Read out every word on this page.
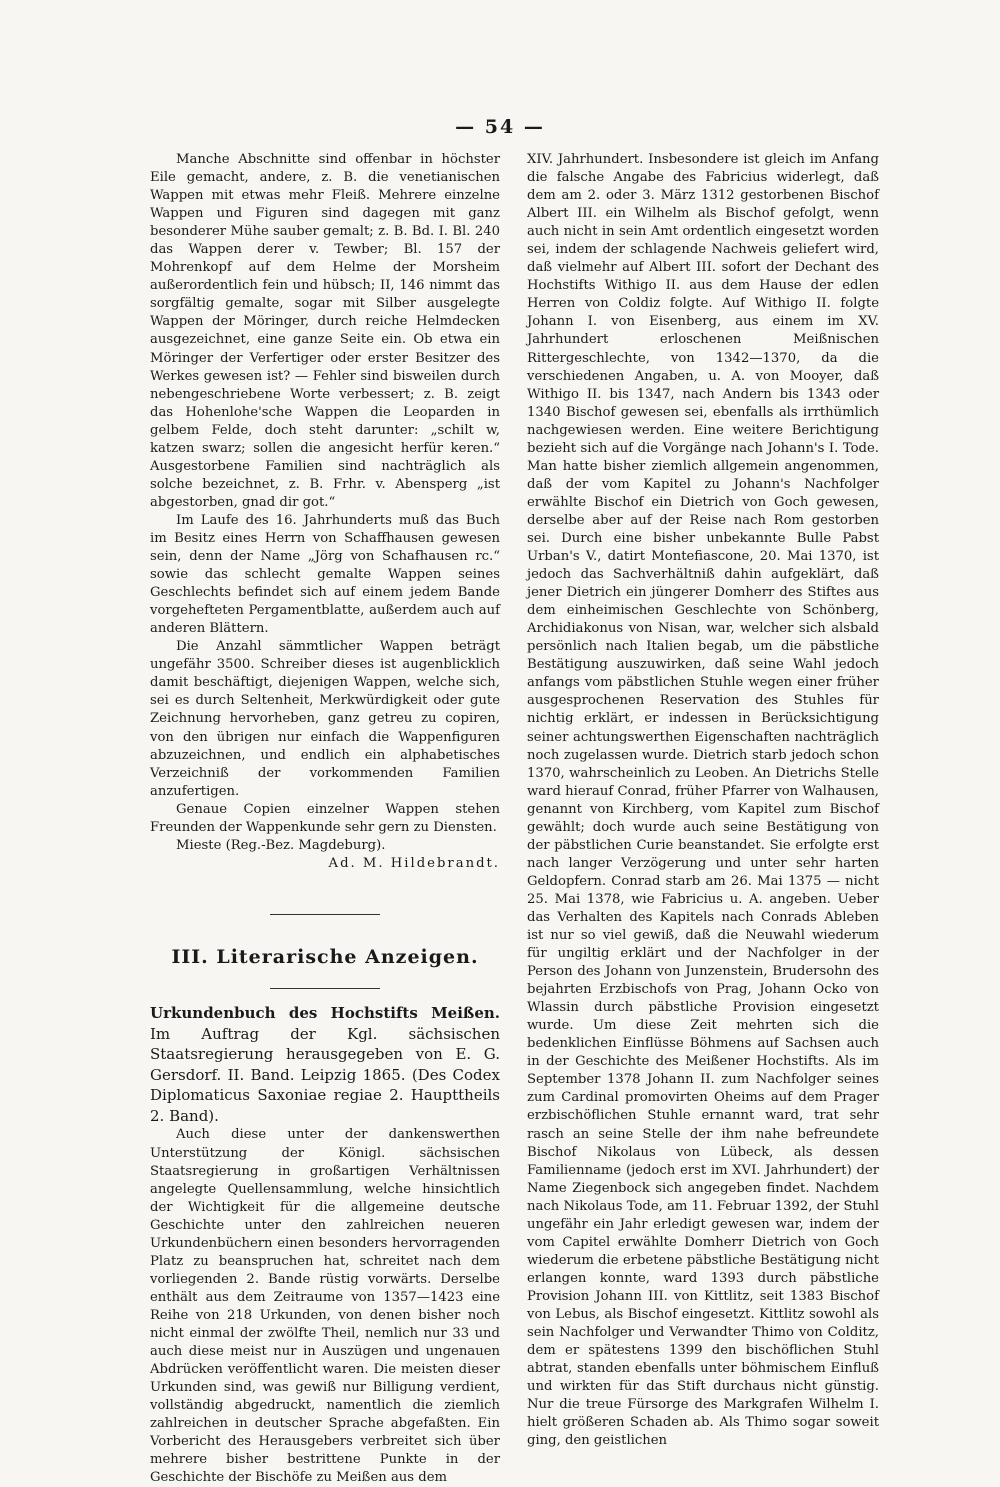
— 54 —

Manche Abschnitte sind offenbar in höchster Eile gemacht, andere, z. B. die venetianischen Wappen mit etwas mehr Fleiß. Mehrere einzelne Wappen und Figuren sind dagegen mit ganz besonderer Mühe sauber gemalt; z. B. Bd. I. Bl. 240 das Wappen derer v. Tewber; Bl. 157 der Mohrenkopf auf dem Helme der Morsheim außerordentlich fein und hübsch; II, 146 nimmt das sorgfältig gemalte, sogar mit Silber ausgelegte Wappen der Möringer, durch reiche Helmdecken ausgezeichnet, eine ganze Seite ein. Ob etwa ein Möringer der Verfertiger oder erster Besitzer des Werkes gewesen ist? — Fehler sind bisweilen durch nebengeschriebene Worte verbessert; z. B. zeigt das Hohenlohe'sche Wappen die Leoparden in gelbem Felde, doch steht darunter: „schilt w, katzen swarz; sollen die angesicht herfür keren.“ Ausgestorbene Familien sind nachträglich als solche bezeichnet, z. B. Frhr. v. Abensperg „ist abgestorben, gnad dir got.“

Im Laufe des 16. Jahrhunderts muß das Buch im Besitz eines Herrn von Schaffhausen gewesen sein, denn der Name „Jörg von Schafhausen rc.“ sowie das schlecht gemalte Wappen seines Geschlechts befindet sich auf einem jedem Bande vorgehefteten Pergamentblatte, außerdem auch auf anderen Blättern.

Die Anzahl sämmtlicher Wappen beträgt ungefähr 3500. Schreiber dieses ist augenblicklich damit beschäftigt, diejenigen Wappen, welche sich, sei es durch Seltenheit, Merkwürdigkeit oder gute Zeichnung hervorheben, ganz getreu zu copiren, von den übrigen nur einfach die Wappenfiguren abzuzeichnen, und endlich ein alphabetisches Verzeichniß der vorkommenden Familien anzufertigen.

Genaue Copien einzelner Wappen stehen Freunden der Wappenkunde sehr gern zu Diensten.

Mieste (Reg.-Bez. Magdeburg).

Ad. M. Hildebrandt.

III. Literarische Anzeigen.

Urkundenbuch des Hochstifts Meißen. Im Auftrag der Kgl. sächsischen Staatsregierung herausgegeben von E. G. Gersdorf. II. Band. Leipzig 1865. (Des Codex Diplomaticus Saxoniae regiae 2. Haupttheils 2. Band).

Auch diese unter der dankenswerthen Unterstützung der Königl. sächsischen Staatsregierung in großartigen Verhältnissen angelegte Quellensammlung, welche hinsichtlich der Wichtigkeit für die allgemeine deutsche Geschichte unter den zahlreichen neueren Urkundenbüchern einen besonders hervorragenden Platz zu beanspruchen hat, schreitet nach dem vorliegenden 2. Bande rüstig vorwärts. Derselbe enthält aus dem Zeitraume von 1357—1423 eine Reihe von 218 Urkunden, von denen bisher noch nicht einmal der zwölfte Theil, nemlich nur 33 und auch diese meist nur in Auszügen und ungenauen Abdrücken veröffentlicht waren. Die meisten dieser Urkunden sind, was gewiß nur Billigung verdient, vollständig abgedruckt, namentlich die ziemlich zahlreichen in deutscher Sprache abgefaßten. Ein Vorbericht des Herausgebers verbreitet sich über mehrere bisher bestrittene Punkte in der Geschichte der Bischöfe zu Meißen aus dem

XIV. Jahrhundert. Insbesondere ist gleich im Anfang die falsche Angabe des Fabricius widerlegt, daß dem am 2. oder 3. März 1312 gestorbenen Bischof Albert III. ein Wilhelm als Bischof gefolgt, wenn auch nicht in sein Amt ordentlich eingesetzt worden sei, indem der schlagende Nachweis geliefert wird, daß vielmehr auf Albert III. sofort der Dechant des Hochstifts Withigo II. aus dem Hause der edlen Herren von Coldiz folgte. Auf Withigo II. folgte Johann I. von Eisenberg, aus einem im XV. Jahrhundert erloschenen Meißnischen Rittergeschlechte, von 1342—1370, da die verschiedenen Angaben, u. A. von Mooyer, daß Withigo II. bis 1347, nach Andern bis 1343 oder 1340 Bischof gewesen sei, ebenfalls als irrthümlich nachgewiesen werden. Eine weitere Berichtigung bezieht sich auf die Vorgänge nach Johann's I. Tode. Man hatte bisher ziemlich allgemein angenommen, daß der vom Kapitel zu Johann's Nachfolger erwählte Bischof ein Dietrich von Goch gewesen, derselbe aber auf der Reise nach Rom gestorben sei. Durch eine bisher unbekannte Bulle Pabst Urban's V., datirt Montefiascone, 20. Mai 1370, ist jedoch das Sachverhältniß dahin aufgeklärt, daß jener Dietrich ein jüngerer Domherr des Stiftes aus dem einheimischen Geschlechte von Schönberg, Archidiakonus von Nisan, war, welcher sich alsbald persönlich nach Italien begab, um die päbstliche Bestätigung auszuwirken, daß seine Wahl jedoch anfangs vom päbstlichen Stuhle wegen einer früher ausgesprochenen Reservation des Stuhles für nichtig erklärt, er indessen in Berücksichtigung seiner achtungswerthen Eigenschaften nachträglich noch zugelassen wurde. Dietrich starb jedoch schon 1370, wahrscheinlich zu Leoben. An Dietrichs Stelle ward hierauf Conrad, früher Pfarrer von Walhausen, genannt von Kirchberg, vom Kapitel zum Bischof gewählt; doch wurde auch seine Bestätigung von der päbstlichen Curie beanstandet. Sie erfolgte erst nach langer Verzögerung und unter sehr harten Geldopfern. Conrad starb am 26. Mai 1375 — nicht 25. Mai 1378, wie Fabricius u. A. angeben. Ueber das Verhalten des Kapitels nach Conrads Ableben ist nur so viel gewiß, daß die Neuwahl wiederum für ungiltig erklärt und der Nachfolger in der Person des Johann von Junzenstein, Brudersohn des bejahrten Erzbischofs von Prag, Johann Ocko von Wlassin durch päbstliche Provision eingesetzt wurde. Um diese Zeit mehrten sich die bedenklichen Einflüsse Böhmens auf Sachsen auch in der Geschichte des Meißener Hochstifts. Als im September 1378 Johann II. zum Nachfolger seines zum Cardinal promovirten Oheims auf dem Prager erzbischöflichen Stuhle ernannt ward, trat sehr rasch an seine Stelle der ihm nahe befreundete Bischof Nikolaus von Lübeck, als dessen Familienname (jedoch erst im XVI. Jahrhundert) der Name Ziegenbock sich angegeben findet. Nachdem nach Nikolaus Tode, am 11. Februar 1392, der Stuhl ungefähr ein Jahr erledigt gewesen war, indem der vom Capitel erwählte Domherr Dietrich von Goch wiederum die erbetene päbstliche Bestätigung nicht erlangen konnte, ward 1393 durch päbstliche Provision Johann III. von Kittlitz, seit 1383 Bischof von Lebus, als Bischof eingesetzt. Kittlitz sowohl als sein Nachfolger und Verwandter Thimo von Colditz, dem er spätestens 1399 den bischöflichen Stuhl abtrat, standen ebenfalls unter böhmischem Einfluß und wirkten für das Stift durchaus nicht günstig. Nur die treue Fürsorge des Markgrafen Wilhelm I. hielt größeren Schaden ab. Als Thimo sogar soweit ging, den geistlichen
